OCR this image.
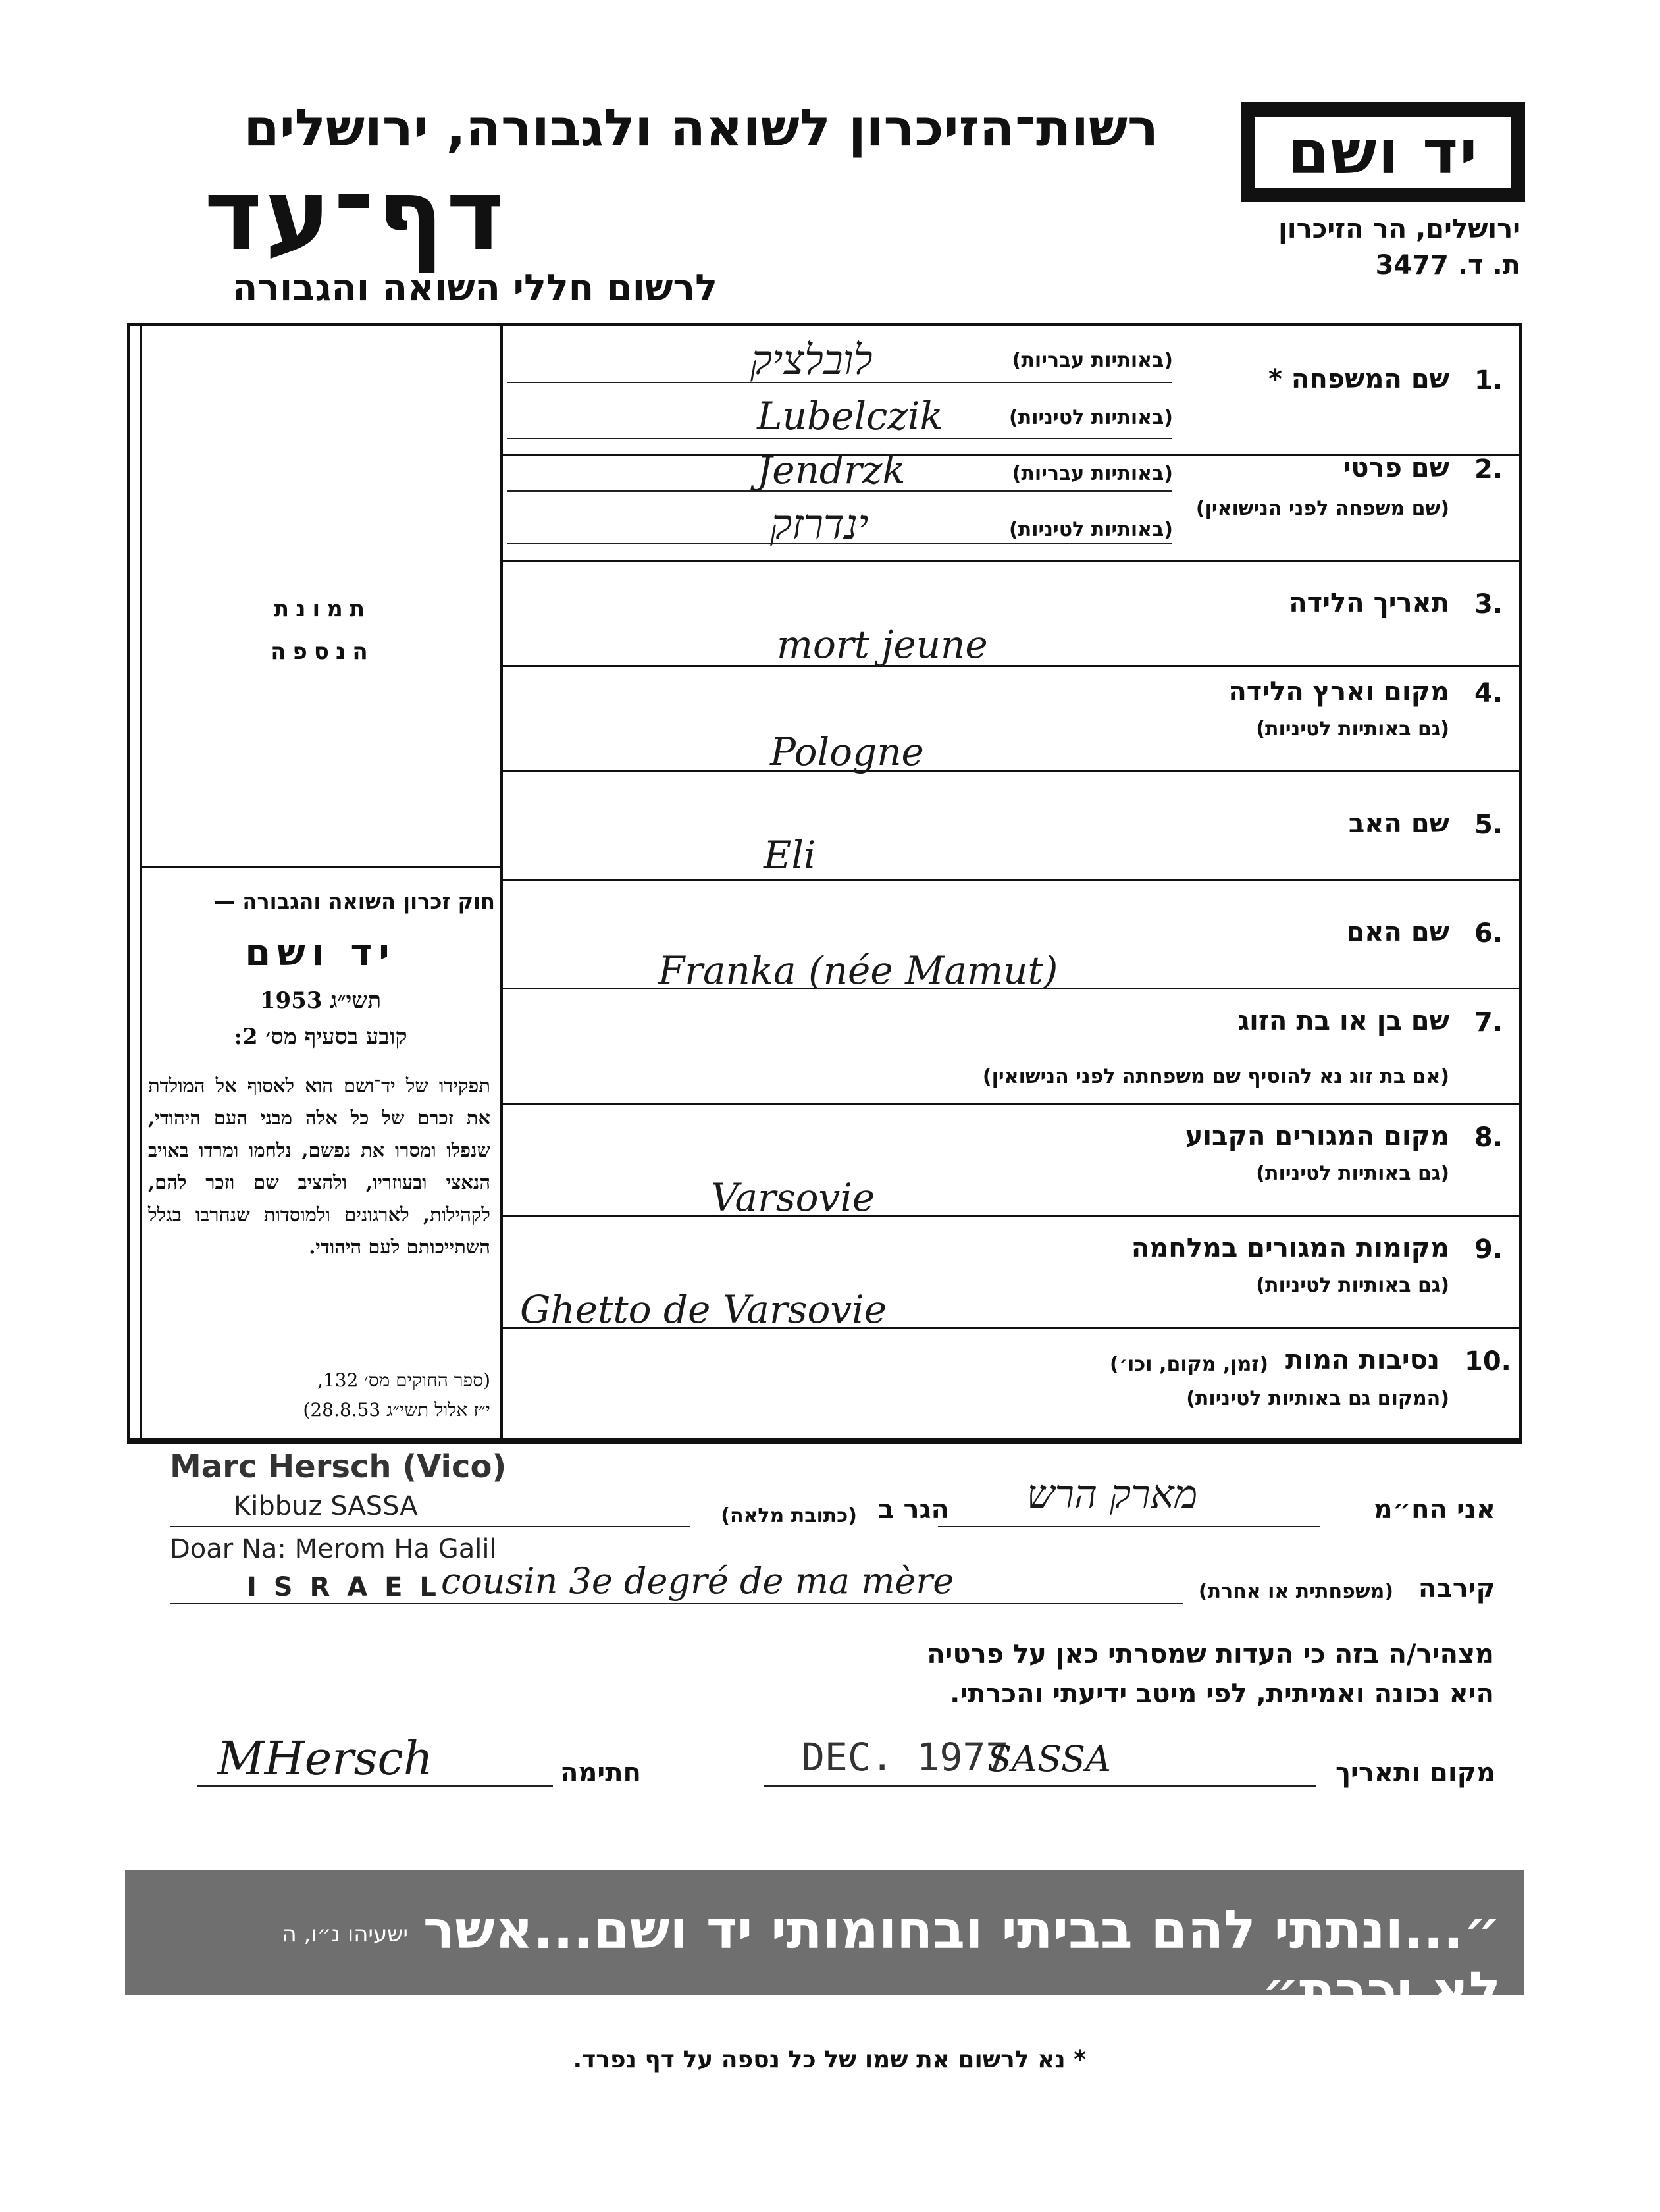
רשות־הזיכרון לשואה ולגבורה, ירושלים
דף־עד
לרשום חללי השואה והגבורה
יד ושם
ירושלים, הר הזיכרון
ת. ד. 3477
תמונת
הנספה
חוק זכרון השואה והגבורה —
יד ושם
תשי״ג 1953
קובע בסעיף מס׳ 2:
תפקידו של יד־ושם הוא לאסוף אל המולדת את זכרם של כל אלה מבני העם היהודי, שנפלו ומסרו את נפשם, נלחמו ומרדו באויב הנאצי ובעוזריו, ולהציב שם וזכר להם, לקהילות, לארגונים ולמוסדות שנחרבו בגלל השתייכותם לעם היהודי.
(ספר החוקים מס׳ 132,
י״ז אלול תשי״ג 28.8.53)
1.
שם המשפחה *
(באותיות עבריות)
(באותיות לטיניות)
לובלציק
Lubelczik
2.
שם פרטי
(שם משפחה לפני הנישואין)
(באותיות עבריות)
(באותיות לטיניות)
Jendrzk
ינדרזק
3.
תאריך הלידה
mort jeune
4.
מקום וארץ הלידה
(גם באותיות לטיניות)
Pologne
5.
שם האב
Eli
6.
שם האם
Franka (née Mamut)
7.
שם בן או בת הזוג
(אם בת זוג נא להוסיף שם משפחתה לפני הנישואין)
8.
מקום המגורים הקבוע
(גם באותיות לטיניות)
Varsovie
9.
מקומות המגורים במלחמה
(גם באותיות לטיניות)
Ghetto de Varsovie
10.
נסיבות המות
(זמן, מקום, וכו׳)
(המקום גם באותיות לטיניות)
Marc Hersch (Vico)
Kibbuz SASSA
Doar Na: Merom Ha Galil
I S R A E L
אני הח״מ
מארק הרש
הגר ב
(כתובת מלאה)
קירבה
(משפחתית או אחרת)
cousin 3e degré de ma mère
מצהיר/ה בזה כי העדות שמסרתי כאן על פרטיה
היא נכונה ואמיתית, לפי מיטב ידיעתי והכרתי.
מקום ותאריך
DEC. 1977
SASSA
חתימה
MHersch
״...ונתתי להם בביתי ובחומותי יד ושם...אשר לא יכרת״
ישעיהו נ״ו, ה
* נא לרשום את שמו של כל נספה על דף נפרד.
